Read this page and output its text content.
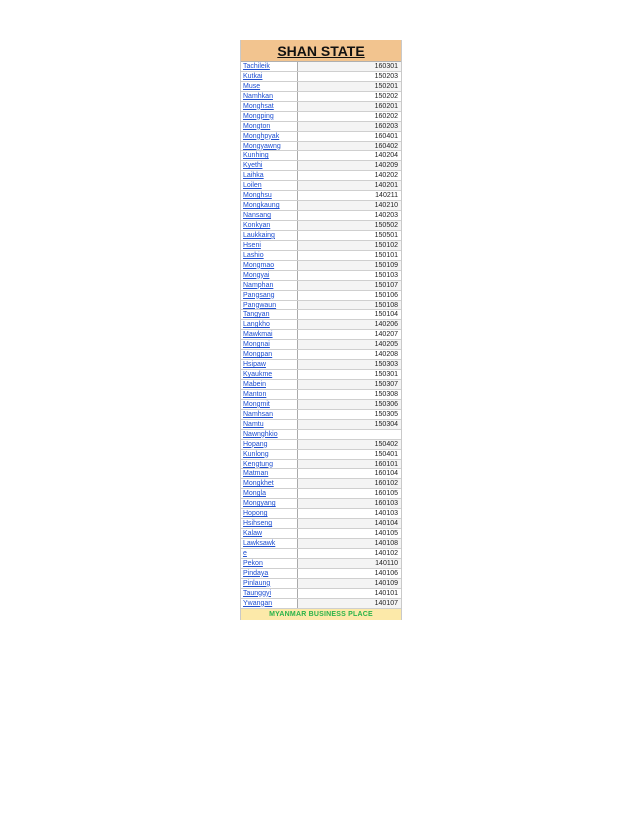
SHAN STATE
Tachileik	160301
Kutkai	150203
Muse	150201
Namhkan	150202
Monghsat	160201
Mongping	160202
Mongton	160203
Monghpyak	160401
Mongyawng	160402
Kunhing	140204
Kyethi	140209
Laihka	140202
Loilen	140201
Monghsu	140211
Mongkaung	140210
Nansang	140203
Konkyan	150502
Laukkaing	150501
Hseni	150102
Lashio	150101
Mongmao	150109
Mongyai	150103
Namphan	150107
Pangsang	150106
Pangwaun	150108
Tangyan	150104
Langkho	140206
Mawkmai	140207
Mongnai	140205
Mongpan	140208
Hsipaw	150303
Kyaukme	150301
Mabein	150307
Manton	150308
Mongmit	150306
Namhsan	150305
Namtu	150304
Nawnghkio
Hopang	150402
Kunlong	150401
Kengtung	160101
Matman	160104
Mongkhet	160102
Mongla	160105
Mongyang	160103
Hopong	140103
Hsihseng	140104
Kalaw	140105
Lawksawk	140108
e	140102
Pekon	140110
Pindaya	140106
Pinlaung	140109
Taunggyi	140101
Ywangan	140107
MYANMAR BUSINESS PLACE
